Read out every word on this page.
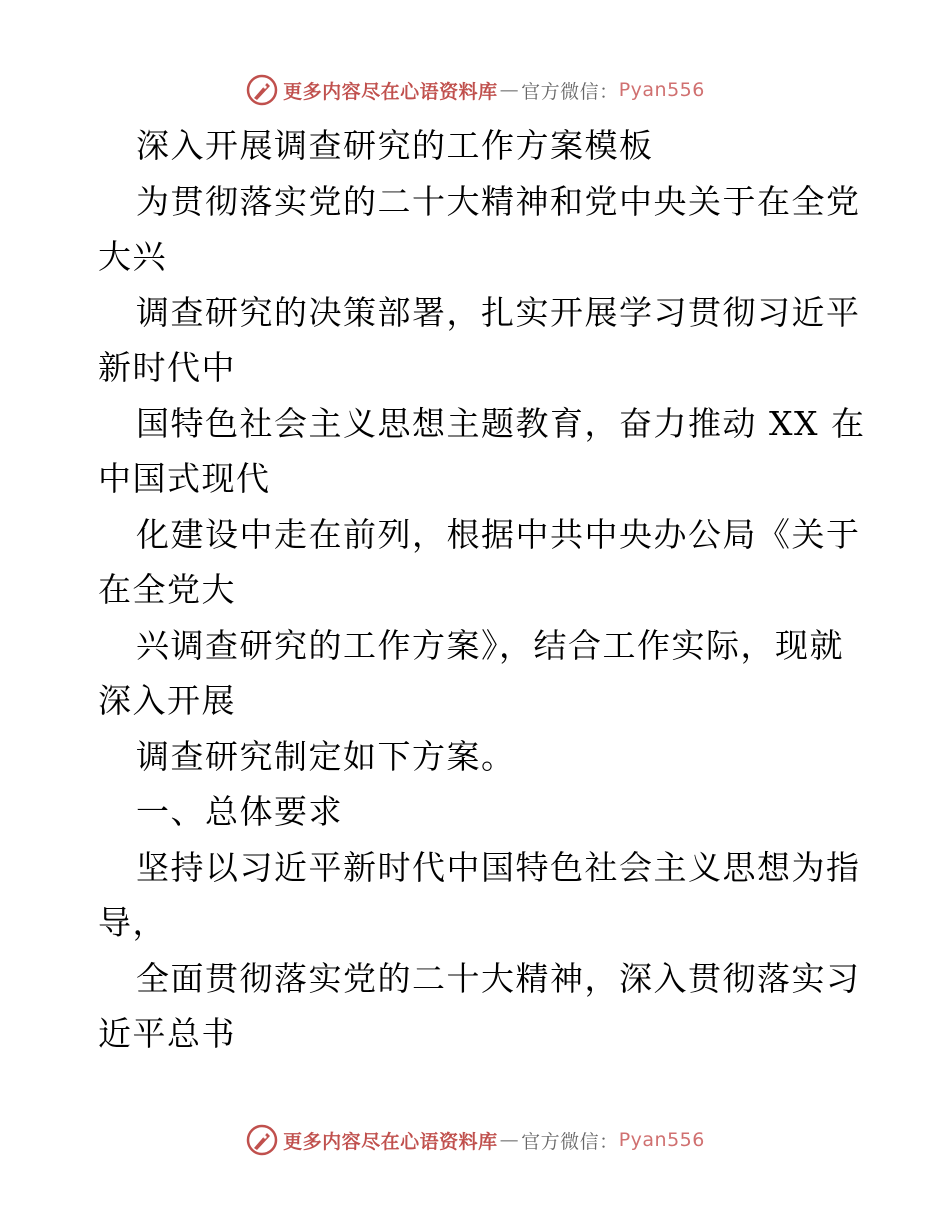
更多内容尽在心语资料库 — 官方微信： Pyan556
深入开展调查研究的工作方案模板
为贯彻落实党的二十大精神和党中央关于在全党
大兴
调查研究的决策部署，扎实开展学习贯彻习近平
新时代中
国特色社会主义思想主题教育，奋力推动 XX 在
中国式现代
化建设中走在前列，根据中共中央办公局《关于
在全党大
兴调查研究的工作方案》，结合工作实际，现就
深入开展
调查研究制定如下方案。
一、总体要求
坚持以习近平新时代中国特色社会主义思想为指
导，
全面贯彻落实党的二十大精神，深入贯彻落实习
近平总书
更多内容尽在心语资料库 — 官方微信： Pyan556
